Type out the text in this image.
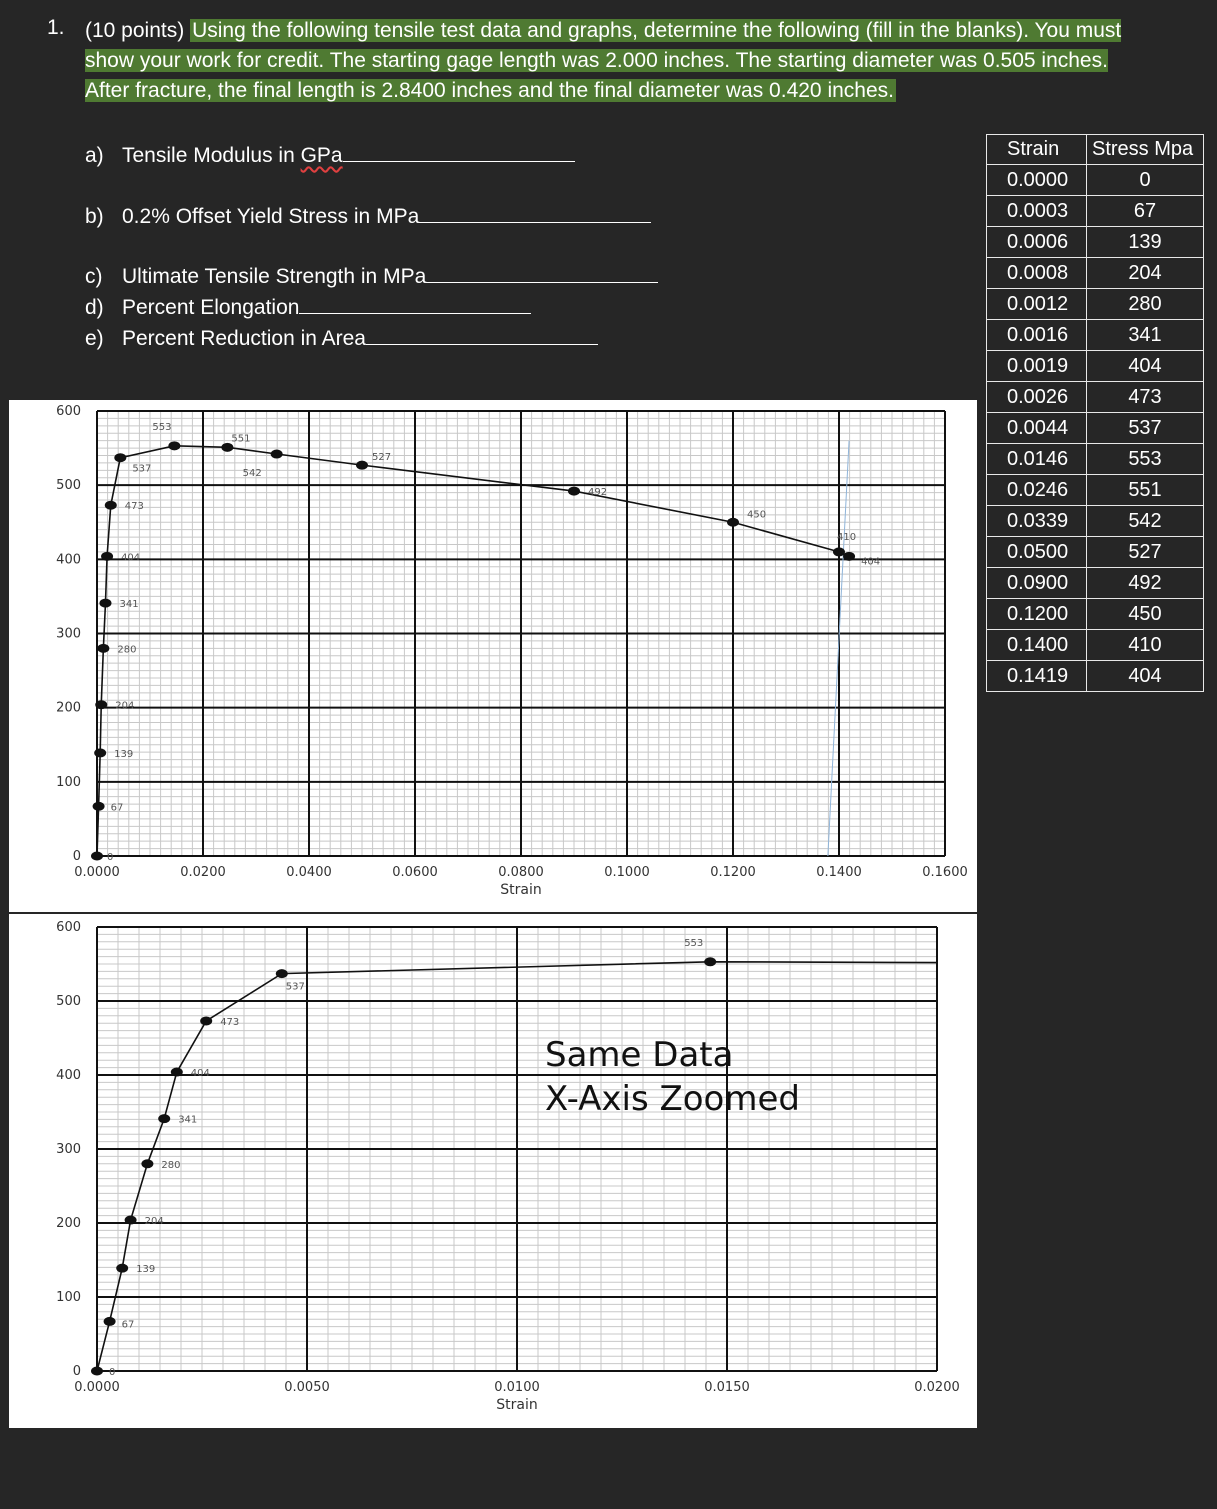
1. (10 points) Using the following tensile test data and graphs, determine the following (fill in the blanks). You must show your work for credit. The starting gage length was 2.000 inches. The starting diameter was 0.505 inches. After fracture, the final length is 2.8400 inches and the final diameter was 0.420 inches.
a) Tensile Modulus in GPa
b) 0.2% Offset Yield Stress in MPa
c) Ultimate Tensile Strength in MPa
d) Percent Elongation
e) Percent Reduction in Area
Strain	Stress Mpa
0.0000	0
0.0003	67
0.0006	139
0.0008	204
0.0012	280
0.0016	341
0.0019	404
0.0026	473
0.0044	537
0.0146	553
0.0246	551
0.0339	542
0.0500	527
0.0900	492
0.1200	450
0.1400	410
0.1419	404
0.0000	0.0200	0.0400	0.0600	0.0800	0.1000	0.1200	0.1400	0.1600
0
100
200
300
400
500
600
Strain
0
67
139
204
280
341
404
473
537
553
551
542
527
492
450
410
404
0.0000	0.0050	0.0100	0.0150	0.0200
0
100
200
300
400
500
600
Strain
0
67
139
204
280
341
404
473
537
553
Same Data
X-Axis Zoomed
